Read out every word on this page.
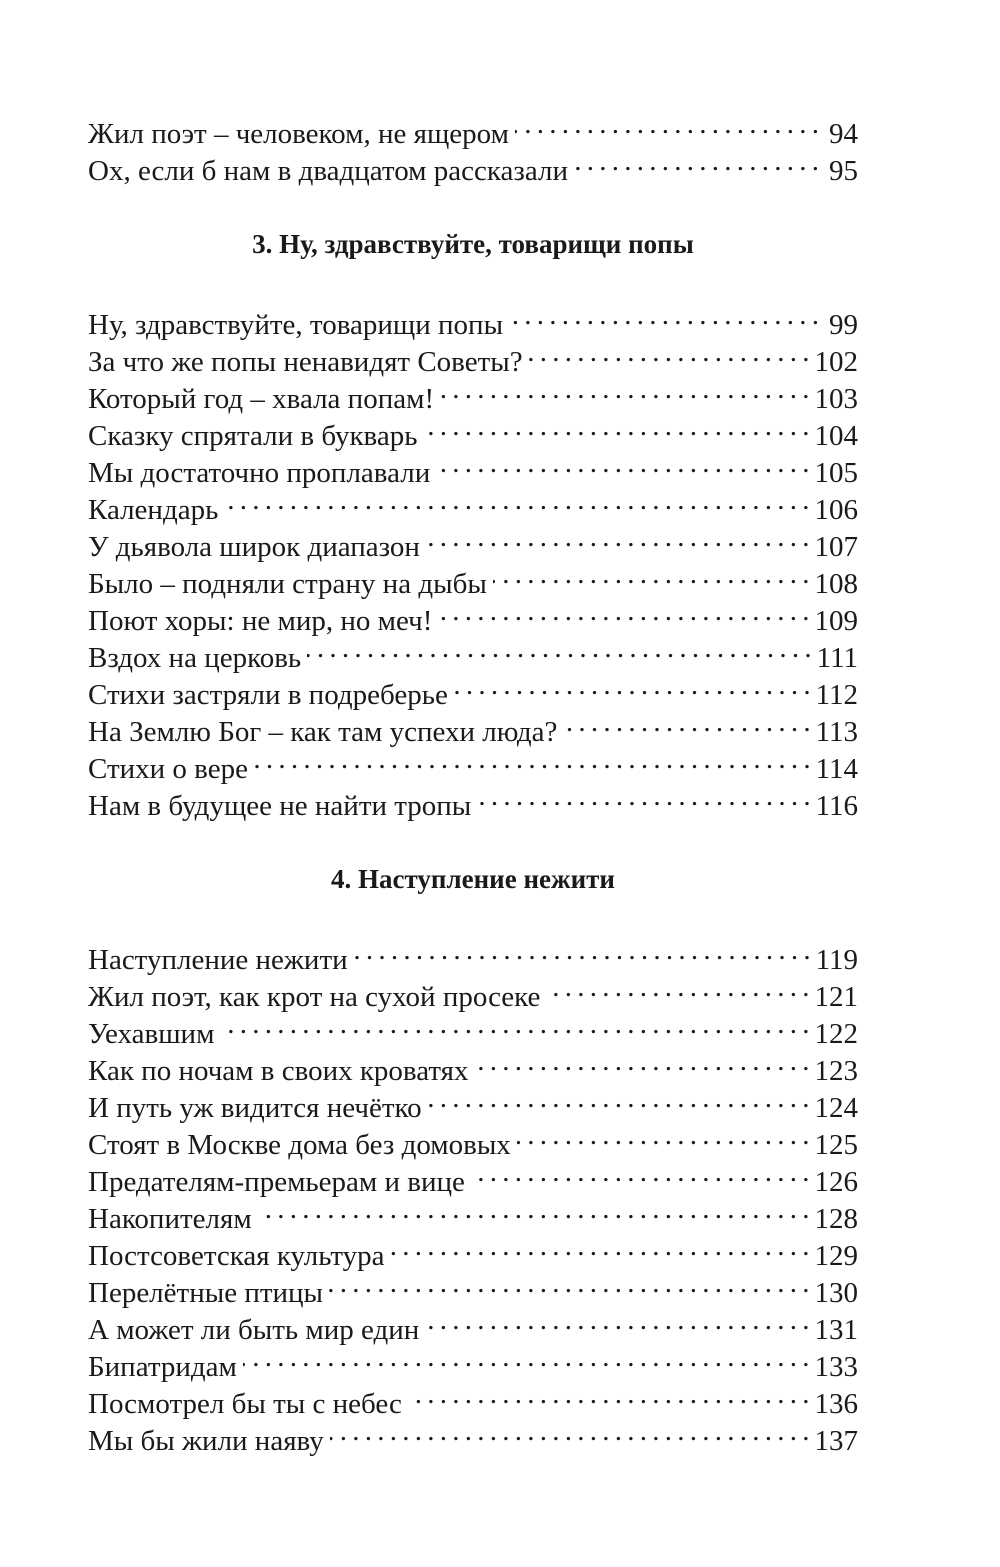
Жил поэт – человеком, не ящером . . .	94
Ох, если б нам в двадцатом рассказали . . .	95
3. Ну, здравствуйте, товарищи попы
Ну, здравствуйте, товарищи попы . . .	99
За что же попы ненавидят Советы? . . .	102
Который год – хвала попам! . . .	103
Сказку спрятали в букварь . . .	104
Мы достаточно проплавали . . .	105
Календарь . . .	106
У дьявола широк диапазон . . .	107
Было – подняли страну на дыбы . . .	108
Поют хоры: не мир, но меч! . . .	109
Вздох на церковь . . .	111
Стихи застряли в подреберье . . .	112
На Землю Бог – как там успехи люда? . . .	113
Стихи о вере . . .	114
Нам в будущее не найти тропы . . .	116
4. Наступление нежити
Наступление нежити . . .	119
Жил поэт, как крот на сухой просеке . . .	121
Уехавшим . . .	122
Как по ночам в своих кроватях . . .	123
И путь уж видится нечётко . . .	124
Стоят в Москве дома без домовых . . .	125
Предателям-премьерам и вице . . .	126
Накопителям . . .	128
Постсоветская культура . . .	129
Перелётные птицы . . .	130
А может ли быть мир един . . .	131
Бипатридам . . .	133
Посмотрел бы ты с небес . . .	136
Мы бы жили наяву . . .	137
